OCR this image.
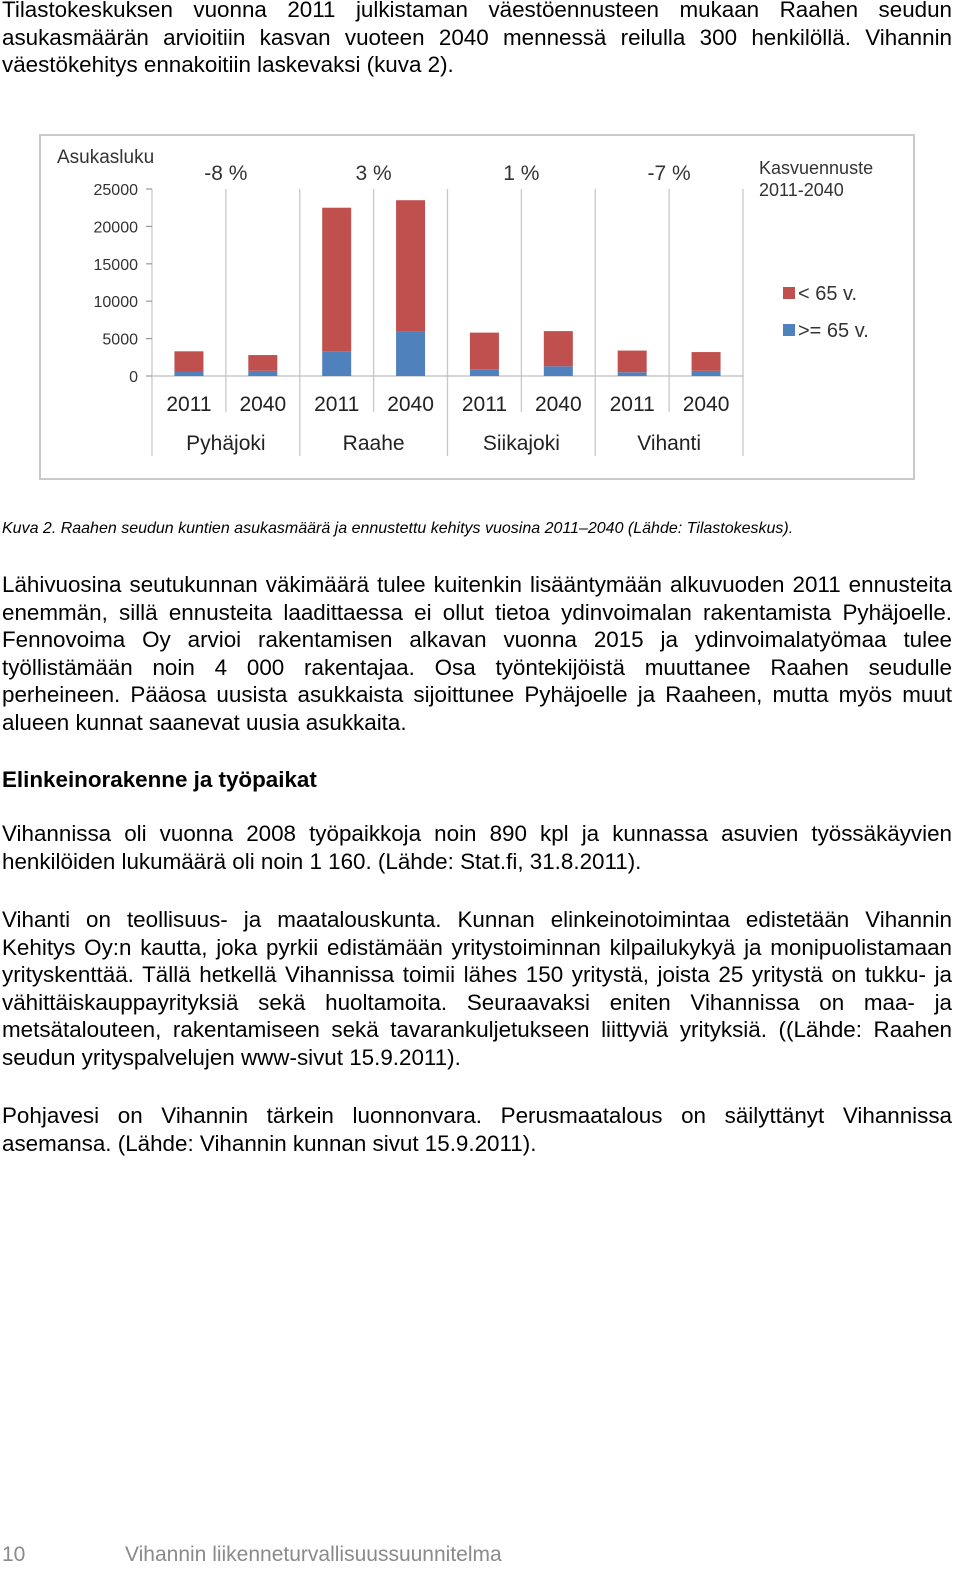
Tilastokeskuksen vuonna 2011 julkistaman väestöennusteen mukaan Raahen seudun asukasmäärän arvioitiin kasvan vuoteen 2040 mennessä reilulla 300 henkilöllä. Vihannin väestökehitys ennakoitiin laskevaksi (kuva 2).

0
5000
10000
15000
20000
25000
Asukasluku
2011 2040 2011 2040 2011 2040 2011 2040
Pyhäjoki
-8 %
Raahe
3 %
Siikajoki
1 %
Vihanti
-7 %	Kasvuennuste
2011-2040
< 65 v.
>= 65 v.

Kuva 2. Raahen seudun kuntien asukasmäärä ja ennustettu kehitys vuosina 2011–2040 (Lähde: Tilastokeskus).

Lähivuosina seutukunnan väkimäärä tulee kuitenkin lisääntymään alkuvuoden 2011 ennusteita enemmän, sillä ennusteita laadittaessa ei ollut tietoa ydinvoimalan rakentamista Pyhäjoelle. Fennovoima Oy arvioi rakentamisen alkavan vuonna 2015 ja ydinvoimalatyömaa tulee työllistämään noin 4 000 rakentajaa. Osa työntekijöistä muuttanee Raahen seudulle perheineen. Pääosa uusista asukkaista sijoittunee Pyhäjoelle ja Raaheen, mutta myös muut alueen kunnat saanevat uusia asukkaita.

Elinkeinorakenne ja työpaikat

Vihannissa oli vuonna 2008 työpaikkoja noin 890 kpl ja kunnassa asuvien työssäkäyvien henkilöiden lukumäärä oli noin 1 160. (Lähde: Stat.fi, 31.8.2011).

Vihanti on teollisuus- ja maatalouskunta. Kunnan elinkeinotoimintaa edistetään Vihannin Kehitys Oy:n kautta, joka pyrkii edistämään yritystoiminnan kilpailukykyä ja monipuolistamaan yrityskenttää. Tällä hetkellä Vihannissa toimii lähes 150 yritystä, joista 25 yritystä on tukku- ja vähittäiskauppayrityksiä sekä huoltamoita. Seuraavaksi eniten Vihannissa on maa- ja metsätalouteen, rakentamiseen sekä tavarankuljetukseen liittyviä yrityksiä. ((Lähde: Raahen seudun yrityspalvelujen www-sivut 15.9.2011).

Pohjavesi on Vihannin tärkein luonnonvara. Perusmaatalous on säilyttänyt Vihannissa asemansa. (Lähde: Vihannin kunnan sivut 15.9.2011).

10	Vihannin liikenneturvallisuussuunnitelma
